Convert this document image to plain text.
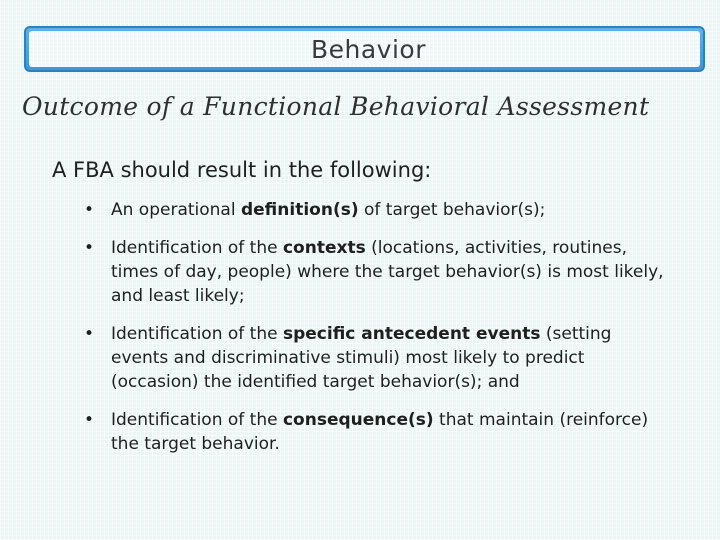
Behavior
Outcome of a Functional Behavioral Assessment
A FBA should result in the following:
• An operational definition(s) of target behavior(s);
• Identification of the contexts (locations, activities, routines, times of day, people) where the target behavior(s) is most likely, and least likely;
• Identification of the specific antecedent events (setting events and discriminative stimuli) most likely to predict (occasion) the identified target behavior(s); and
• Identification of the consequence(s) that maintain (reinforce) the target behavior.
